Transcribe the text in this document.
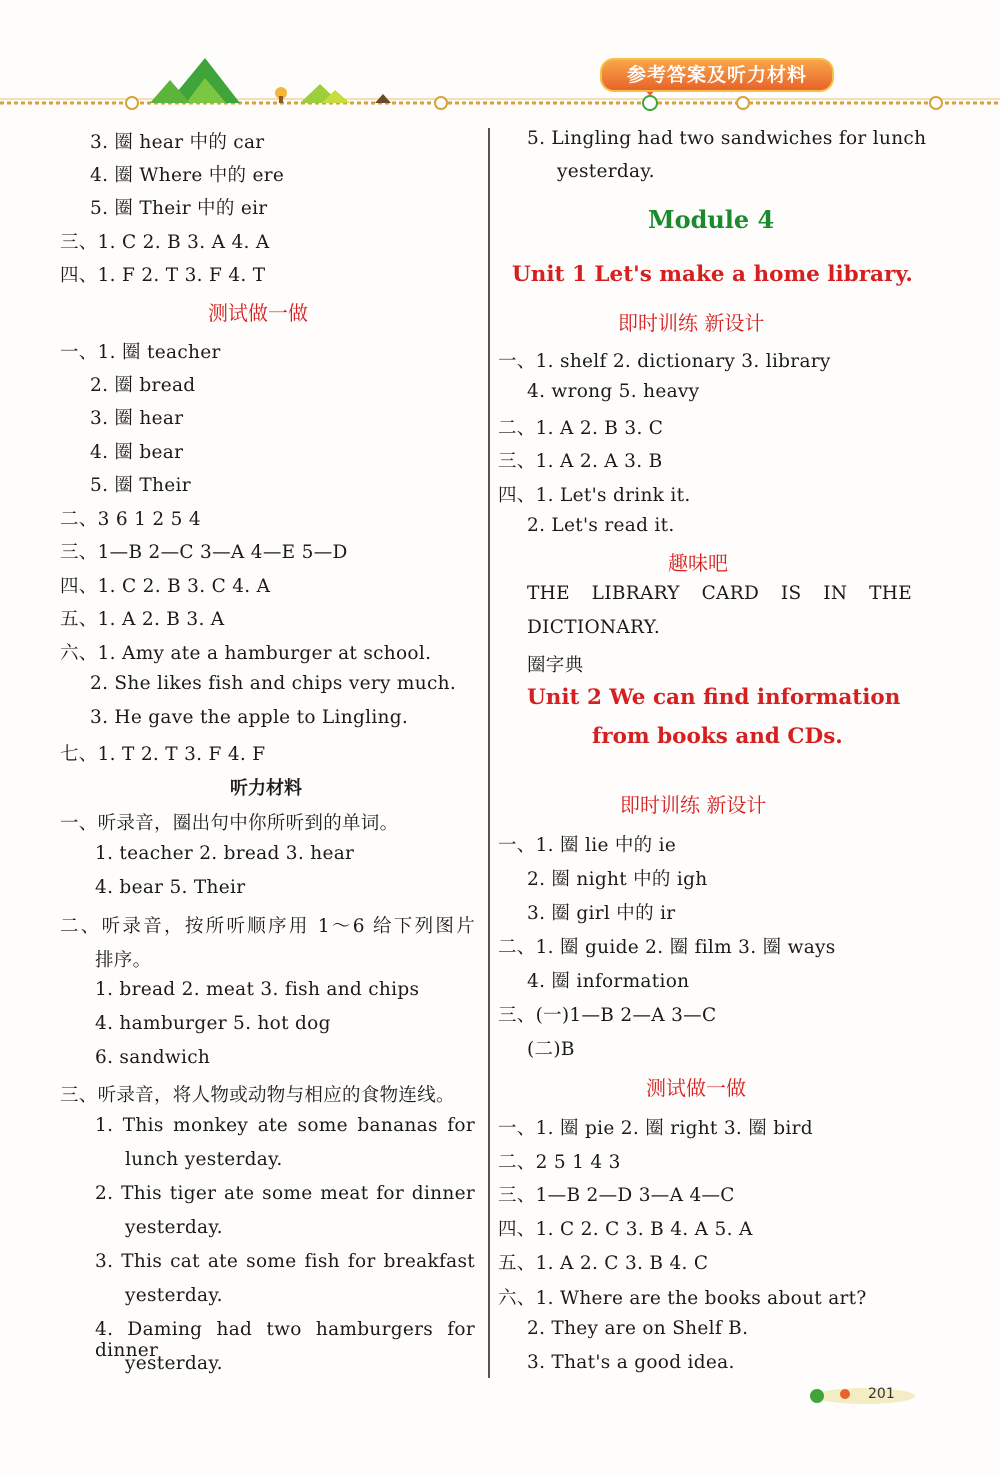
参考答案及听力材料
测试做一做
听力材料
Module 4
Unit 1 Let's make a home library.
即时训练 新设计
趣味吧
Unit 2 We can find information
from books and CDs.
即时训练 新设计
测试做一做
201
3. 圈 hear 中的 car
4. 圈 Where 中的 ere
5. 圈 Their 中的 eir
三、1. C 2. B 3. A 4. A
四、1. F 2. T 3. F 4. T
一、1. 圈 teacher
2. 圈 bread
3. 圈 hear
4. 圈 bear
5. 圈 Their
二、3 6 1 2 5 4
三、1—B 2—C 3—A 4—E 5—D
四、1. C 2. B 3. C 4. A
五、1. A 2. B 3. A
六、1. Amy ate a hamburger at school.
2. She likes fish and chips very much.
3. He gave the apple to Lingling.
七、1. T 2. T 3. F 4. F
一、听录音，圈出句中你所听到的单词。
1. teacher 2. bread 3. hear
4. bear 5. Their
排序。
1. bread 2. meat 3. fish and chips
4. hamburger 5. hot dog
6. sandwich
三、听录音，将人物或动物与相应的食物连线。
lunch yesterday.
yesterday.
yesterday.
yesterday.
二、听录音，按所听顺序用 1～6 给下列图片
1. This monkey ate some bananas for
2. This tiger ate some meat for dinner
3. This cat ate some fish for breakfast
4. Daming had two hamburgers for dinner
5. Lingling had two sandwiches for lunch
yesterday.
一、1. shelf 2. dictionary 3. library
4. wrong 5. heavy
二、1. A 2. B 3. C
三、1. A 2. A 3. B
四、1. Let's drink it.
2. Let's read it.
DICTIONARY.
圈字典
一、1. 圈 lie 中的 ie
2. 圈 night 中的 igh
3. 圈 girl 中的 ir
二、1. 圈 guide 2. 圈 film 3. 圈 ways
4. 圈 information
三、(一)1—B 2—A 3—C
(二)B
一、1. 圈 pie 2. 圈 right 3. 圈 bird
二、2 5 1 4 3
三、1—B 2—D 3—A 4—C
四、1. C 2. C 3. B 4. A 5. A
五、1. A 2. C 3. B 4. C
六、1. Where are the books about art?
2. They are on Shelf B.
3. That's a good idea.
THE LIBRARY CARD IS IN THE
